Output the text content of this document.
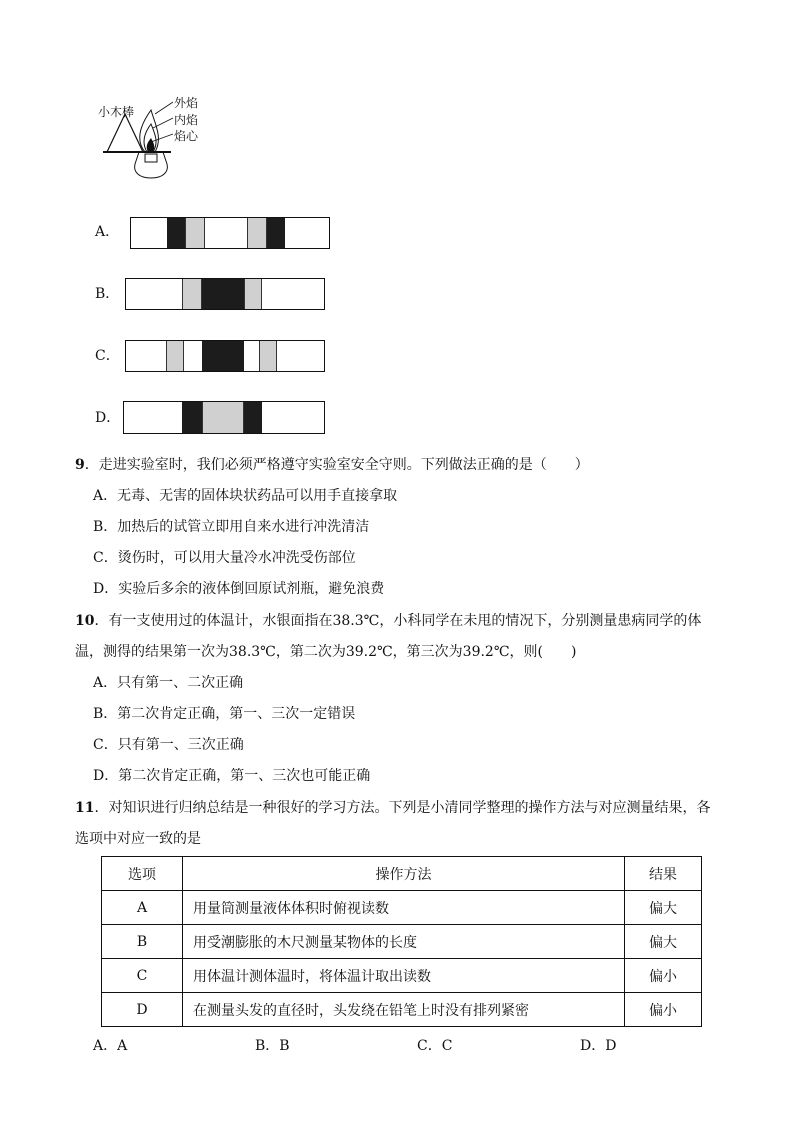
小木棒
外焰
内焰
焰心
A．
B．
C．
D．
9．走进实验室时，我们必须严格遵守实验室安全守则。下列做法正确的是（　　）
A．无毒、无害的固体块状药品可以用手直接拿取
B．加热后的试管立即用自来水进行冲洗清洁
C．烫伤时，可以用大量冷水冲洗受伤部位
D．实验后多余的液体倒回原试剂瓶，避免浪费
10．有一支使用过的体温计，水银面指在38.3℃，小科同学在未甩的情况下，分别测量患病同学的体
温，测得的结果第一次为38.3℃，第二次为39.2℃，第三次为39.2℃，则(　　)
A．只有第一、二次正确
B．第二次肯定正确，第一、三次一定错误
C．只有第一、三次正确
D．第二次肯定正确，第一、三次也可能正确
11．对知识进行归纳总结是一种很好的学习方法。下列是小清同学整理的操作方法与对应测量结果，各
选项中对应一致的是
选项	操作方法	结果
A	用量筒测量液体体积时俯视读数	偏大
B	用受潮膨胀的木尺测量某物体的长度	偏大
C	用体温计测体温时，将体温计取出读数	偏小
D	在测量头发的直径时，头发绕在铅笔上时没有排列紧密	偏小
A．A	B．B	C．C	D．D
